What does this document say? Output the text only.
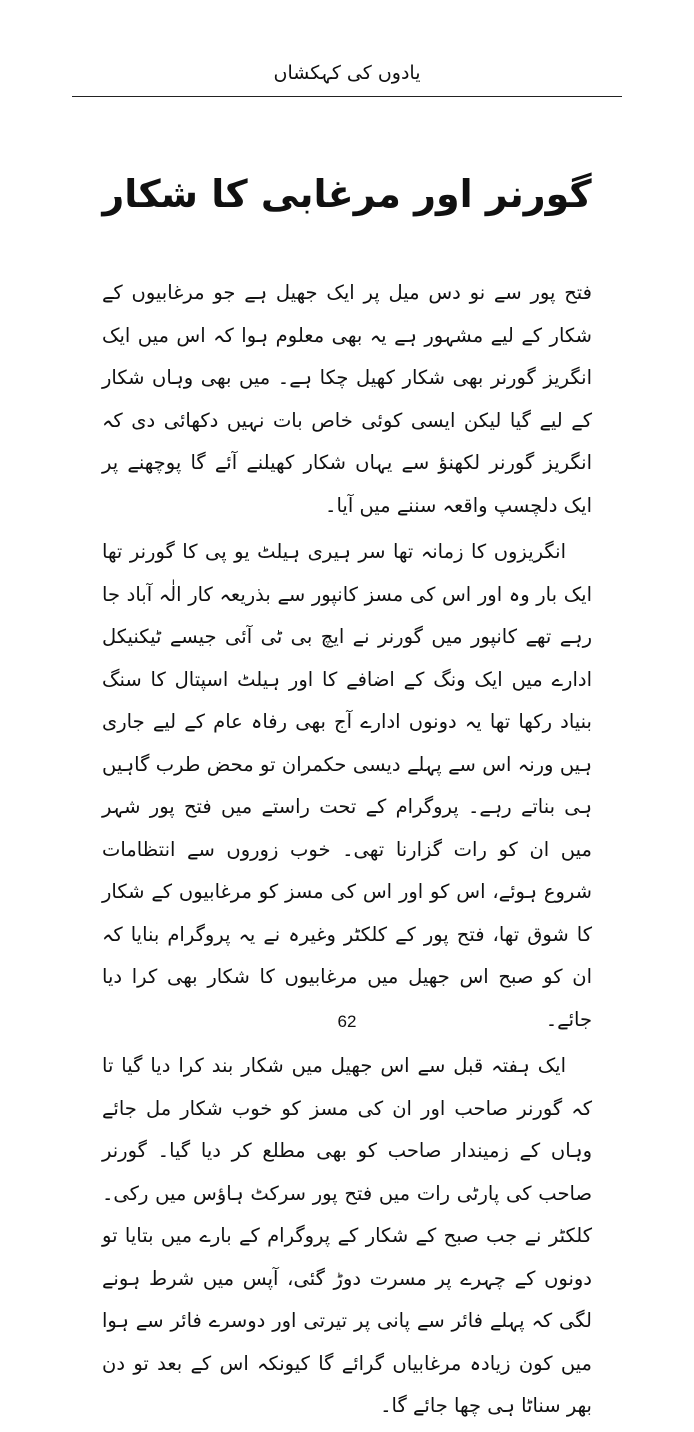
یادوں کی کہکشاں
گورنر اور مرغابی کا شکار

فتح پور سے نو دس میل پر ایک جھیل ہے جو مرغابیوں کے شکار کے لیے مشہور ہے یہ بھی معلوم ہوا کہ اس میں ایک انگریز گورنر بھی شکار کھیل چکا ہے۔ میں بھی وہاں شکار کے لیے گیا لیکن ایسی کوئی خاص بات نہیں دکھائی دی کہ انگریز گورنر لکھنؤ سے یہاں شکار کھیلنے آئے گا پوچھنے پر ایک دلچسپ واقعہ سننے میں آیا۔

انگریزوں کا زمانہ تھا سر ہیری ہیلٹ یو پی کا گورنر تھا ایک بار وہ اور اس کی مسز کانپور سے بذریعہ کار الٰہ آباد جا رہے تھے کانپور میں گورنر نے ایچ بی ٹی آئی جیسے ٹیکنیکل ادارے میں ایک ونگ کے اضافے کا اور ہیلٹ اسپتال کا سنگ بنیاد رکھا تھا یہ دونوں ادارے آج بھی رفاہ عام کے لیے جاری ہیں ورنہ اس سے پہلے دیسی حکمران تو محض طرب گاہیں ہی بناتے رہے۔ پروگرام کے تحت راستے میں فتح پور شہر میں ان کو رات گزارنا تھی۔ خوب زوروں سے انتظامات شروع ہوئے، اس کو اور اس کی مسز کو مرغابیوں کے شکار کا شوق تھا، فتح پور کے کلکٹر وغیرہ نے یہ پروگرام بنایا کہ ان کو صبح اس جھیل میں مرغابیوں کا شکار بھی کرا دیا جائے۔

ایک ہفتہ قبل سے اس جھیل میں شکار بند کرا دیا گیا تا کہ گورنر صاحب اور ان کی مسز کو خوب شکار مل جائے وہاں کے زمیندار صاحب کو بھی مطلع کر دیا گیا۔ گورنر صاحب کی پارٹی رات میں فتح پور سرکٹ ہاؤس میں رکی۔ کلکٹر نے جب صبح کے شکار کے پروگرام کے بارے میں بتایا تو دونوں کے چہرے پر مسرت دوڑ گئی، آپس میں شرط ہونے لگی کہ پہلے فائر سے پانی پر تیرتی اور دوسرے فائر سے ہوا میں کون زیادہ مرغابیاں گرائے گا کیونکہ اس کے بعد تو دن بھر سناٹا ہی چھا جائے گا۔

62
